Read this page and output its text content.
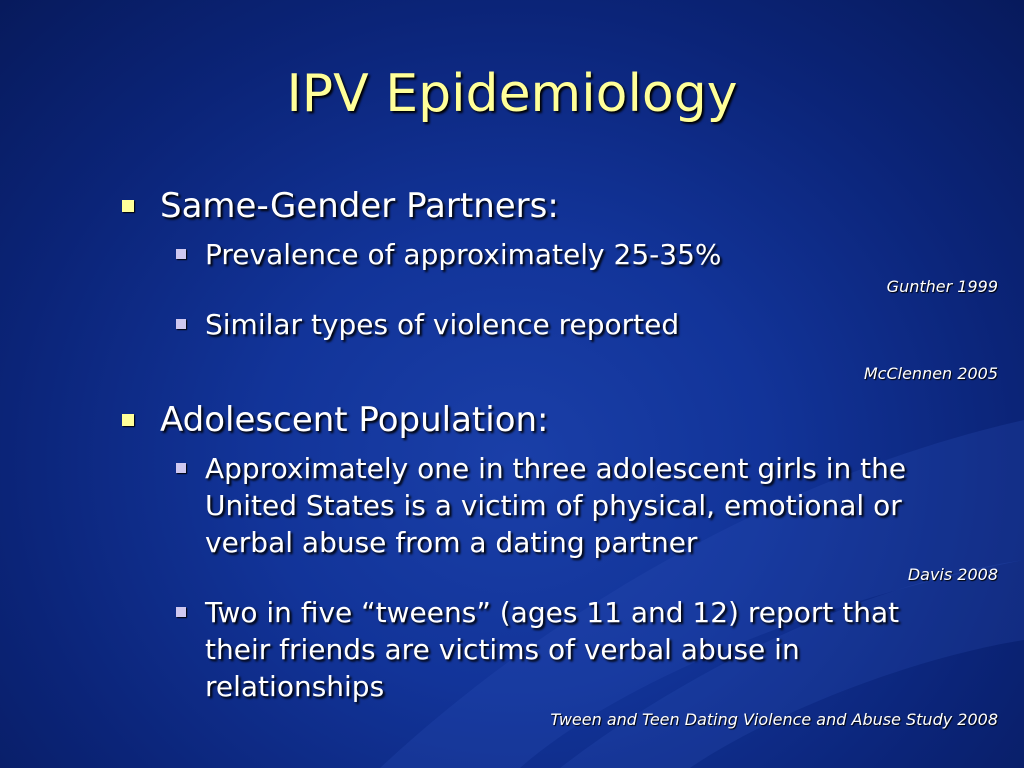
IPV Epidemiology
Same-Gender Partners:
Prevalence of approximately 25-35%
Gunther 1999
Similar types of violence reported
McClennen 2005
Adolescent Population:
Approximately one in three adolescent girls in the United States is a victim of physical, emotional or verbal abuse from a dating partner
Davis 2008
Two in five “tweens” (ages 11 and 12) report that their friends are victims of verbal abuse in relationships
Tween and Teen Dating Violence and Abuse Study 2008
